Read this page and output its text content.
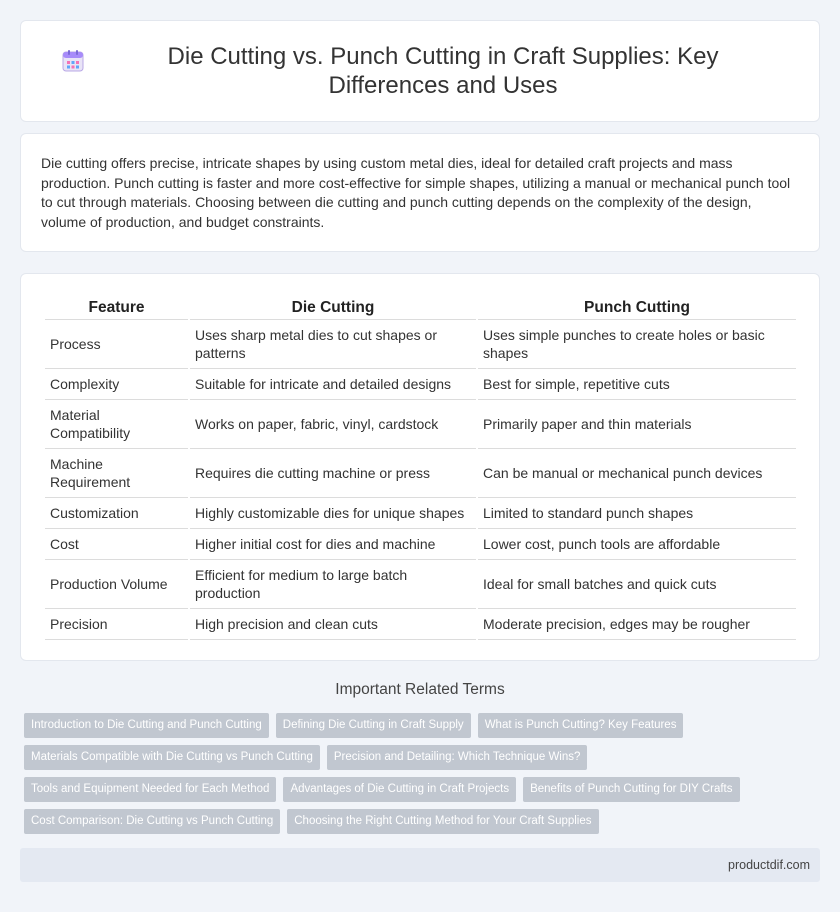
Die Cutting vs. Punch Cutting in Craft Supplies: Key Differences and Uses

Die cutting offers precise, intricate shapes by using custom metal dies, ideal for detailed craft projects and mass production. Punch cutting is faster and more cost-effective for simple shapes, utilizing a manual or mechanical punch tool to cut through materials. Choosing between die cutting and punch cutting depends on the complexity of the design, volume of production, and budget constraints.

Feature	Die Cutting	Punch Cutting
Process	Uses sharp metal dies to cut shapes or patterns	Uses simple punches to create holes or basic shapes
Complexity	Suitable for intricate and detailed designs	Best for simple, repetitive cuts
Material Compatibility	Works on paper, fabric, vinyl, cardstock	Primarily paper and thin materials
Machine Requirement	Requires die cutting machine or press	Can be manual or mechanical punch devices
Customization	Highly customizable dies for unique shapes	Limited to standard punch shapes
Cost	Higher initial cost for dies and machine	Lower cost, punch tools are affordable
Production Volume	Efficient for medium to large batch production	Ideal for small batches and quick cuts
Precision	High precision and clean cuts	Moderate precision, edges may be rougher
Important Related Terms
Introduction to Die Cutting and Punch Cutting	Defining Die Cutting in Craft Supply	What is Punch Cutting? Key Features
Materials Compatible with Die Cutting vs Punch Cutting	Precision and Detailing: Which Technique Wins?
Tools and Equipment Needed for Each Method	Advantages of Die Cutting in Craft Projects	Benefits of Punch Cutting for DIY Crafts
Cost Comparison: Die Cutting vs Punch Cutting	Choosing the Right Cutting Method for Your Craft Supplies
productdif.com
